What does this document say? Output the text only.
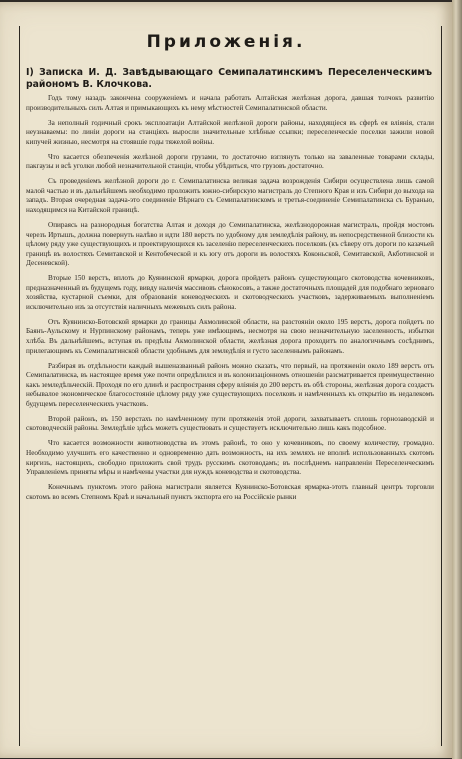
Приложенія.
I) Записка И. Д. Завѣдывающаго Семипалатинскимъ Переселенческимъ райономъ В. Клочкова.

Годъ тому назадъ закончена сооруженіемъ и начала работать Алтайская желѣзная дорога, давшая толчокъ развитію производительныхъ силъ Алтая и примыкающихъ къ нему мѣстностей Семипалатинской области.

За неполный годичный срокъ эксплоатаціи Алтайской желѣзной дороги районы, находящіеся въ сферѣ ея вліянія, стали неузнаваемы: по линіи дороги на станціяхъ выросли значительные хлѣбные ссыпки; переселенческіе поселки зажили новой кипучей жизнью, несмотря на стоявшіе годы тяжелой войны.

Что касается обезпеченія желѣзной дороги грузами, то достаточно взглянуть только на заваленные товарами склады, пакгаузы и всѣ уголки любой незначительной станціи, чтобы убѣдиться, что грузовъ достаточно.

Съ проведеніемъ желѣзной дороги до г. Семипалатинска великая задача возрожденія Сибири осуществлена лишь самой малой частью и въ дальнѣйшемъ необходимо проложить южно-сибирскую магистраль до Степного Края и изъ Сибири до выхода на западъ. Вторая очередная задача-это соединеніе Вѣрнаго съ Семипалатинскомъ и третья-соединеніе Семипалатинска съ Буранью, находящимся на Китайской границѣ.

Опираясь на разнородныя богатства Алтая и доходя до Семипалатинска, желѣзнодорожная магистраль, пройдя мостомъ черезъ Иртышъ, должна повернуть налѣво и идти 180 верстъ по удобному для земледѣлія району, въ непосредственной близости къ цѣлому ряду уже существующихъ и проектирующихся къ заселенію переселенческихъ поселковъ (къ сѣверу отъ дороги по казачьей границѣ въ волостяхъ Семитавской и Кентобеческой и къ югу отъ дороги въ волостяхъ Коконьской, Семитавской, Акботинской и Десеневской).

Вторые 150 верстъ, вплоть до Куянинской ярмарки, дорога пройдетъ районъ существующаго скотоводства кочевниковъ, предназначенный въ будущемъ году, вивду наличія массивовъ сѣнокосовъ, а также достаточныхъ площадей для подобнаго зерноваго хозяйства, кустарной съемки, для образованія коневодческихъ и скотоводческихъ участковъ, задерживаемыхъ выполненіемъ исключительно изъ за отсутствія наличныхъ межевыхъ силъ района.

Отъ Куянинско-Ботовской ярмарки до границы Акмолинской области, на разстояніи около 195 верстъ, дорога пойдетъ по Баянъ-Аульскому и Нурпинскому районамъ, теперь уже имѣющимъ, несмотря на свою незначительную заселенность, избытки хлѣба. Въ дальнѣйшемъ, вступая въ предѣлы Акмолинской области, желѣзная дорога проходитъ по аналогичнымъ сосѣднимъ, прилегающимъ къ Семипалатинской области удобнымъ для земледѣлія и густо заселеннымъ районамъ.

Разбирая въ отдѣльности каждый вышеназванный районъ можно сказать, что первый, на протяженіи около 189 верстъ отъ Семипалатинска, въ настоящее время уже почти опредѣлился и въ колонизаціонномъ отношеніи разсматривается преимущественно какъ земледѣльческій. Проходя по его длинѣ и распространяя сферу вліянія до 200 верстъ въ обѣ стороны, желѣзная дорога создастъ небывалое экономическое благосостояніе цѣлому ряду уже существующихъ поселковъ и намѣченныхъ къ открытію въ недалекомъ будущемъ переселенческихъ участковъ.

Второй районъ, въ 150 верстахъ по намѣченному пути протяженія этой дороги, захватываетъ сплошь горнозаводскій и скотоводческій районы. Земледѣліе здѣсь можетъ существовать и существуетъ исключительно лишь какъ подсобное.

Что касается возможности животноводства въ этомъ районѣ, то оно у кочевниковъ, по своему количеству, громадно. Необходимо улучшить его качественно и одновременно дать возможность, на ихъ земляхъ не вполнѣ использованныхъ скотомъ киргизъ, настоящихъ, свободно приложить свой трудъ русскимъ скотоводамъ; въ послѣднемъ направленіи Переселенческимъ Управленіемъ приняты мѣры и намѣчены участки для нуждъ коневодства и скотоводства.

Конечнымъ пунктомъ этого района магистрали является Куянинско-Ботовская ярмарка-этотъ главный центръ торговли скотомъ во всемъ Степномъ Краѣ и начальный пунктъ экспорта его на Россійскіе рынки
